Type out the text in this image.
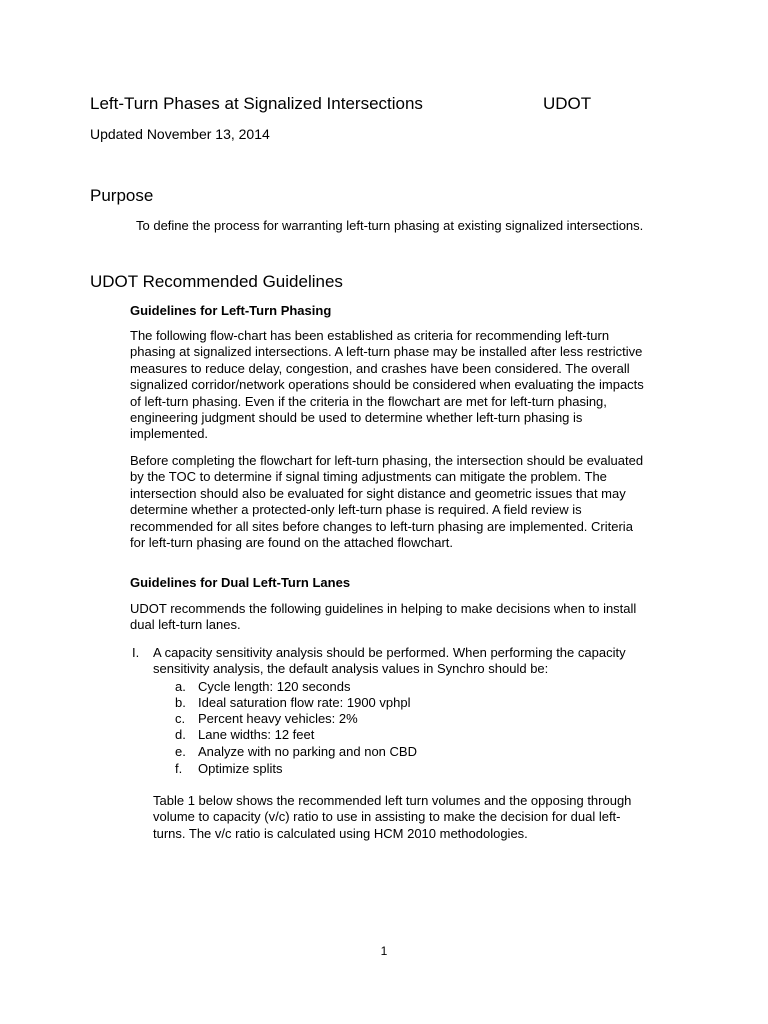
Left-Turn Phases at Signalized Intersections	UDOT
Updated November 13, 2014
Purpose
To define the process for warranting left-turn phasing at existing signalized intersections.
UDOT Recommended Guidelines
Guidelines for Left-Turn Phasing
The following flow-chart has been established as criteria for recommending left-turn
phasing at signalized intersections. A left-turn phase may be installed after less restrictive
measures to reduce delay, congestion, and crashes have been considered. The overall
signalized corridor/network operations should be considered when evaluating the impacts
of left-turn phasing. Even if the criteria in the flowchart are met for left-turn phasing,
engineering judgment should be used to determine whether left-turn phasing is
implemented.
Before completing the flowchart for left-turn phasing, the intersection should be evaluated
by the TOC to determine if signal timing adjustments can mitigate the problem. The
intersection should also be evaluated for sight distance and geometric issues that may
determine whether a protected-only left-turn phase is required. A field review is
recommended for all sites before changes to left-turn phasing are implemented. Criteria
for left-turn phasing are found on the attached flowchart.
Guidelines for Dual Left-Turn Lanes
UDOT recommends the following guidelines in helping to make decisions when to install
dual left-turn lanes.
I. A capacity sensitivity analysis should be performed. When performing the capacity
sensitivity analysis, the default analysis values in Synchro should be:
a. Cycle length: 120 seconds
b. Ideal saturation flow rate: 1900 vphpl
c. Percent heavy vehicles: 2%
d. Lane widths: 12 feet
e. Analyze with no parking and non CBD
f.	Optimize splits
Table 1 below shows the recommended left turn volumes and the opposing through
volume to capacity (v/c) ratio to use in assisting to make the decision for dual left-
turns. The v/c ratio is calculated using HCM 2010 methodologies.
1
